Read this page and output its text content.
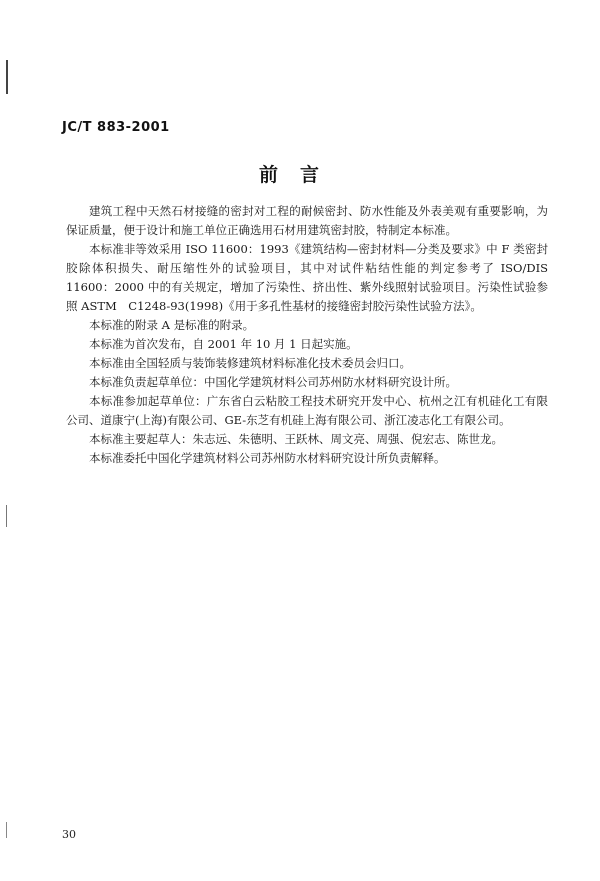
JC/T 883-2001
前言

建筑工程中天然石材接缝的密封对工程的耐候密封、防水性能及外表美观有重要影响，为保证质量，便于设计和施工单位正确选用石材用建筑密封胶，特制定本标准。

本标准非等效采用 ISO 11600：1993《建筑结构—密封材料—分类及要求》中 F 类密封胶除体积损失、耐压缩性外的试验项目，其中对试件粘结性能的判定参考了 ISO/DIS 11600：2000 中的有关规定，增加了污染性、挤出性、紫外线照射试验项目。污染性试验参照 ASTM　C1248-93(1998)《用于多孔性基材的接缝密封胶污染性试验方法》。

本标准的附录 A 是标准的附录。

本标准为首次发布，自 2001 年 10 月 1 日起实施。

本标准由全国轻质与装饰装修建筑材料标准化技术委员会归口。

本标准负责起草单位：中国化学建筑材料公司苏州防水材料研究设计所。

本标准参加起草单位：广东省白云粘胶工程技术研究开发中心、杭州之江有机硅化工有限公司、道康宁(上海)有限公司、GE-东芝有机硅上海有限公司、浙江凌志化工有限公司。

本标准主要起草人：朱志远、朱德明、王跃林、周文亮、周强、倪宏志、陈世龙。

本标准委托中国化学建筑材料公司苏州防水材料研究设计所负责解释。

30
